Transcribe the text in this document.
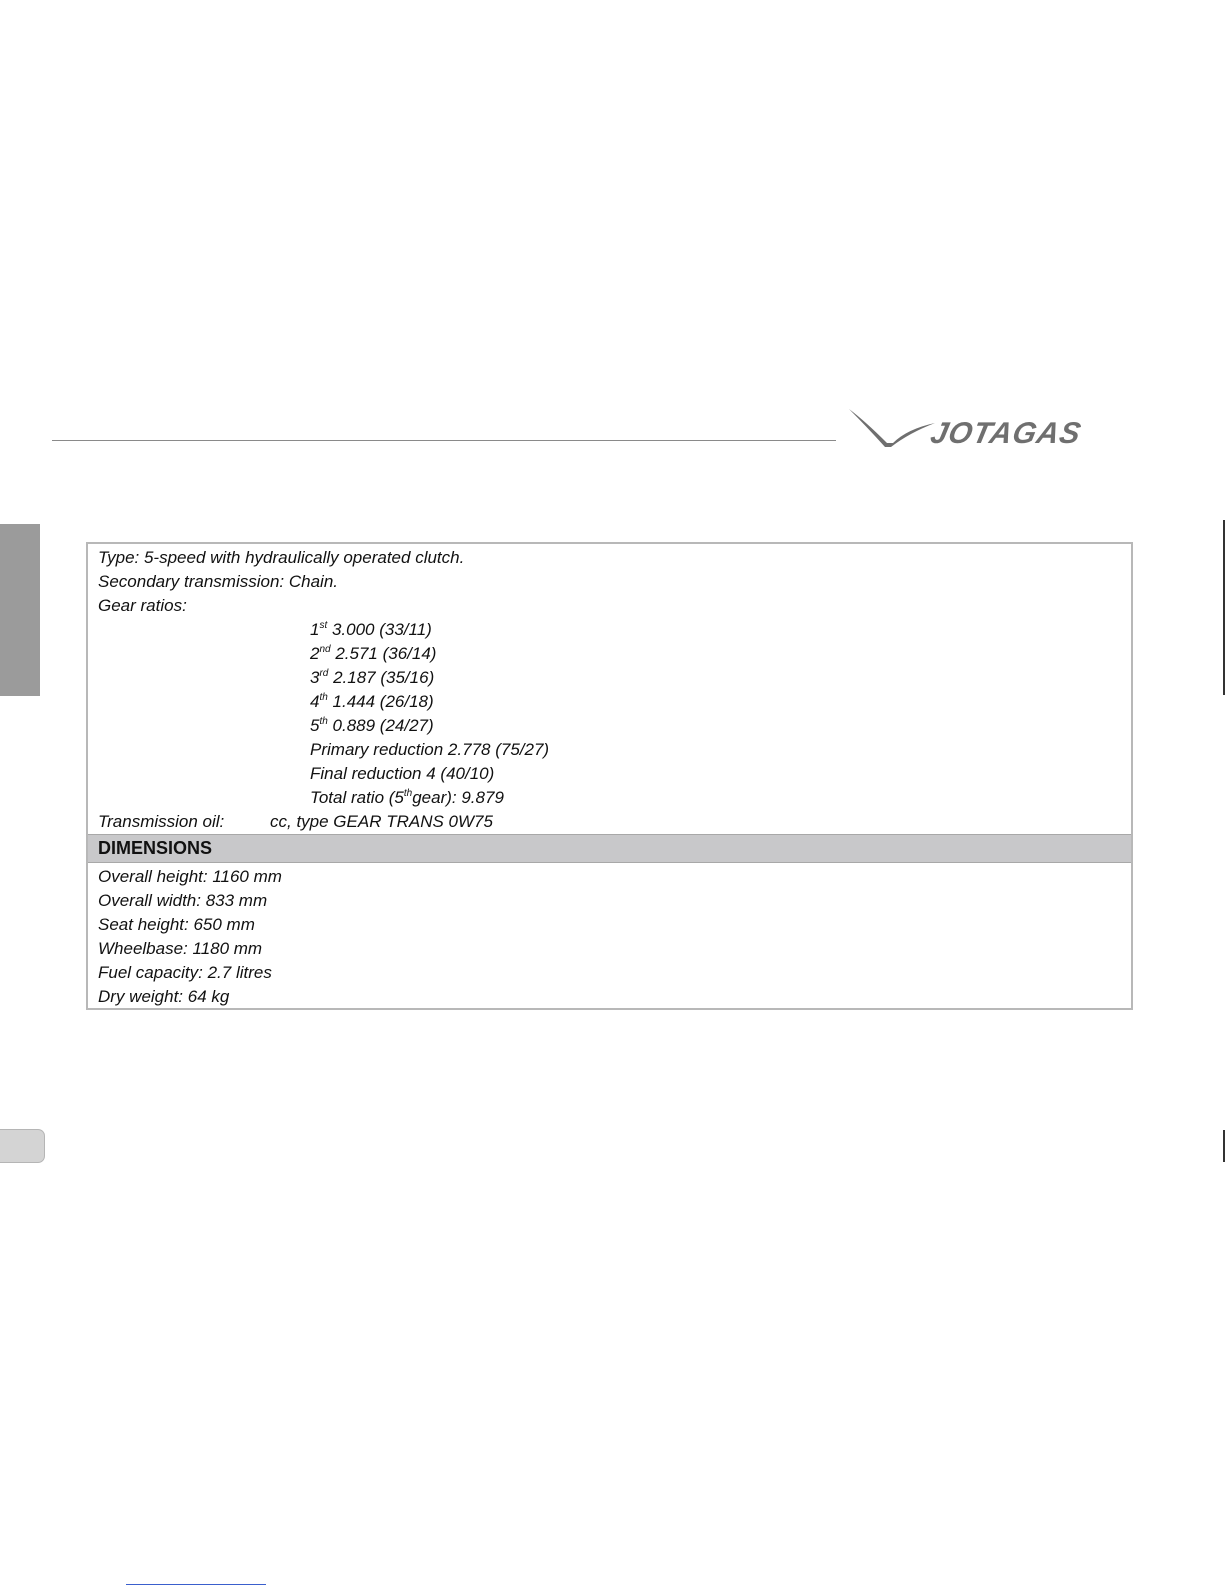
JOTAGAS
Type: 5-speed with hydraulically operated clutch.
Secondary transmission: Chain.
Gear ratios:
1st 3.000 (33/11)
2nd 2.571 (36/14)
3rd 2.187 (35/16)
4th 1.444 (26/18)
5th 0.889 (24/27)
Primary reduction 2.778 (75/27)
Final reduction 4 (40/10)
Total ratio (5thgear): 9.879
Transmission oil:	cc, type GEAR TRANS 0W75
DIMENSIONS
Overall height: 1160 mm
Overall width: 833 mm
Seat height: 650 mm
Wheelbase: 1180 mm
Fuel capacity: 2.7 litres
Dry weight: 64 kg
